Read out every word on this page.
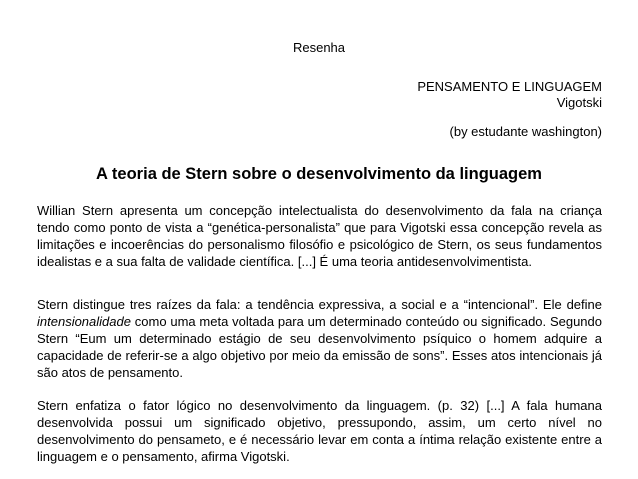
Resenha
PENSAMENTO E LINGUAGEM
Vigotski
(by estudante washington)
A teoria de Stern sobre o desenvolvimento da linguagem

Willian Stern apresenta um concepção intelectualista do desenvolvimento da fala na criança tendo como ponto de vista a “genética-personalista” que para Vigotski essa concepção revela as limitações e incoerências do personalismo filosófio e psicológico de Stern, os seus fundamentos idealistas e a sua falta de validade científica. [...] É uma teoria antidesenvolvimentista.

Stern distingue tres raízes da fala: a tendência expressiva, a social e a “intencional”. Ele define intensionalidade como uma meta voltada para um determinado conteúdo ou significado. Segundo Stern “Eum um determinado estágio de seu desenvolvimento psíquico o homem adquire a capacidade de referir-se a algo objetivo por meio da emissão de sons”. Esses atos intencionais já são atos de pensamento.

Stern enfatiza o fator lógico no desenvolvimento da linguagem. (p. 32) [...] A fala humana desenvolvida possui um significado objetivo, pressupondo, assim, um certo nível no desenvolvimento do pensameto, e é necessário levar em conta a íntima relação existente entre a linguagem e o pensamento, afirma Vigotski.
